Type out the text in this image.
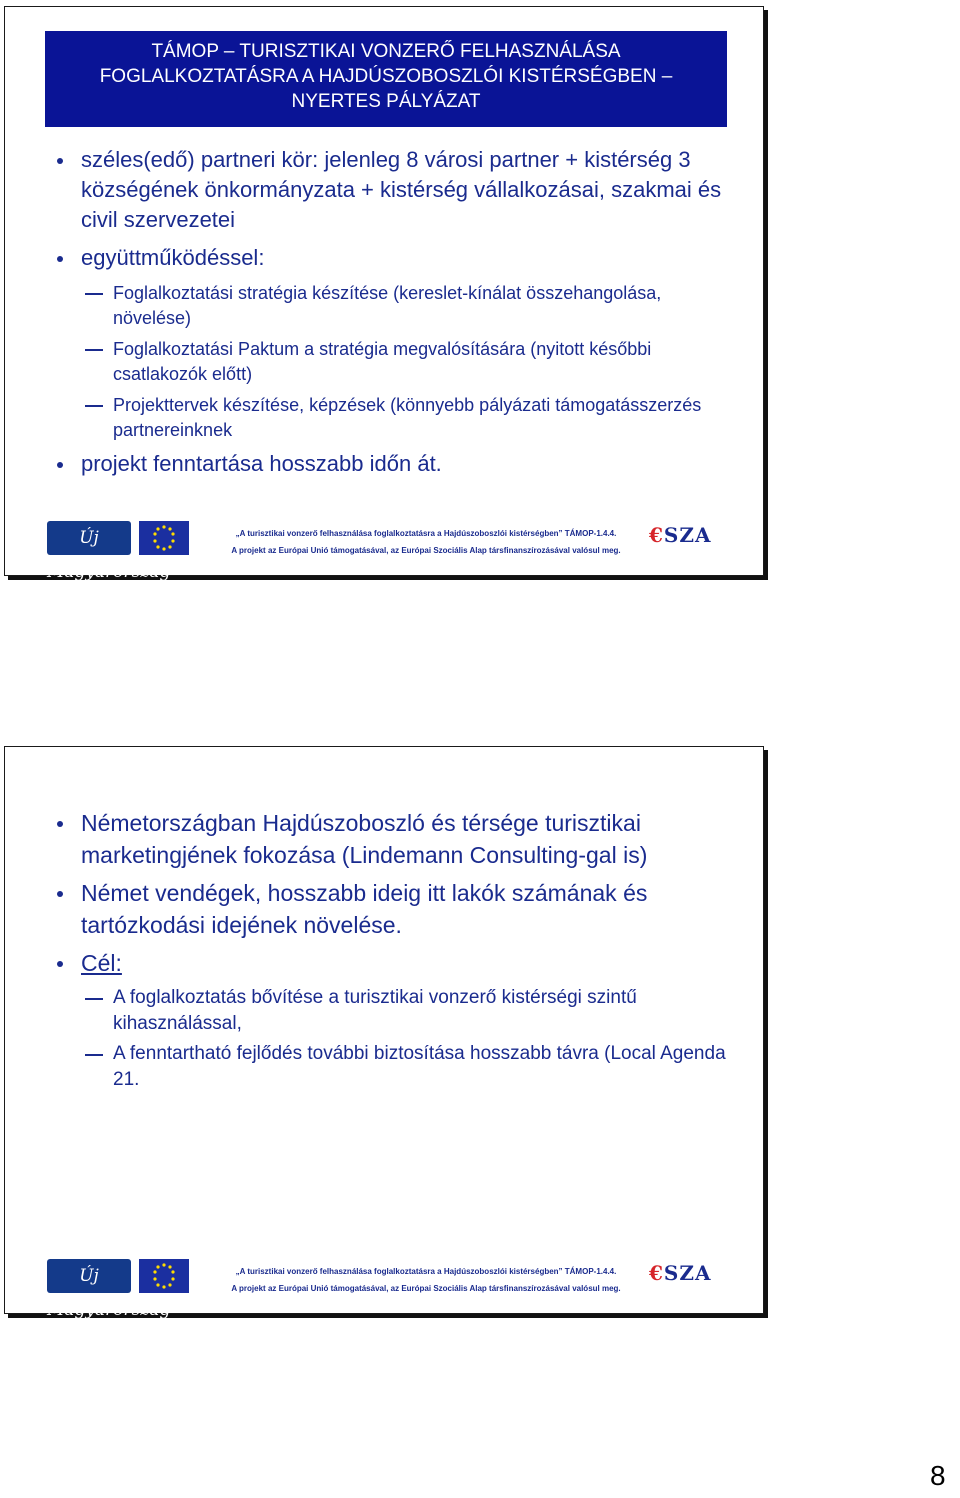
TÁMOP – TURISZTIKAI VONZERŐ FELHASZNÁLÁSA
FOGLALKOZTATÁSRA A HAJDÚSZOBOSZLÓI KISTÉRSÉGBEN –
NYERTES PÁLYÁZAT
széles(edő) partneri kör: jelenleg 8 városi partner + kistérség 3 községének önkormányzata + kistérség vállalkozásai, szakmai és civil szervezetei
együttműködéssel:
Foglalkoztatási stratégia készítése (kereslet-kínálat összehangolása, növelése)
Foglalkoztatási Paktum a stratégia megvalósítására (nyitott későbbi csatlakozók előtt)
Projekttervek készítése, képzések (könnyebb pályázati támogatásszerzés partnereinknek
projekt fenntartása hosszabb időn át.
Új Magyarország
„A turisztikai vonzerő felhasználása foglalkoztatásra a Hajdúszoboszlói kistérségben” TÁMOP-1.4.4.
A projekt az Európai Unió támogatásával, az Európai Szociális Alap társfinanszírozásával valósul meg.
€SZA
Németországban Hajdúszoboszló és térsége turisztikai marketingjének fokozása (Lindemann Consulting-gal is)
Német vendégek, hosszabb ideig itt lakók számának és tartózkodási idejének növelése.
Cél:
A foglalkoztatás bővítése a turisztikai vonzerő kistérségi szintű kihasználással,
A fenntartható fejlődés további biztosítása hosszabb távra (Local Agenda 21.
Új Magyarország
„A turisztikai vonzerő felhasználása foglalkoztatásra a Hajdúszoboszlói kistérségben” TÁMOP-1.4.4.
A projekt az Európai Unió támogatásával, az Európai Szociális Alap társfinanszírozásával valósul meg.
€SZA
8
